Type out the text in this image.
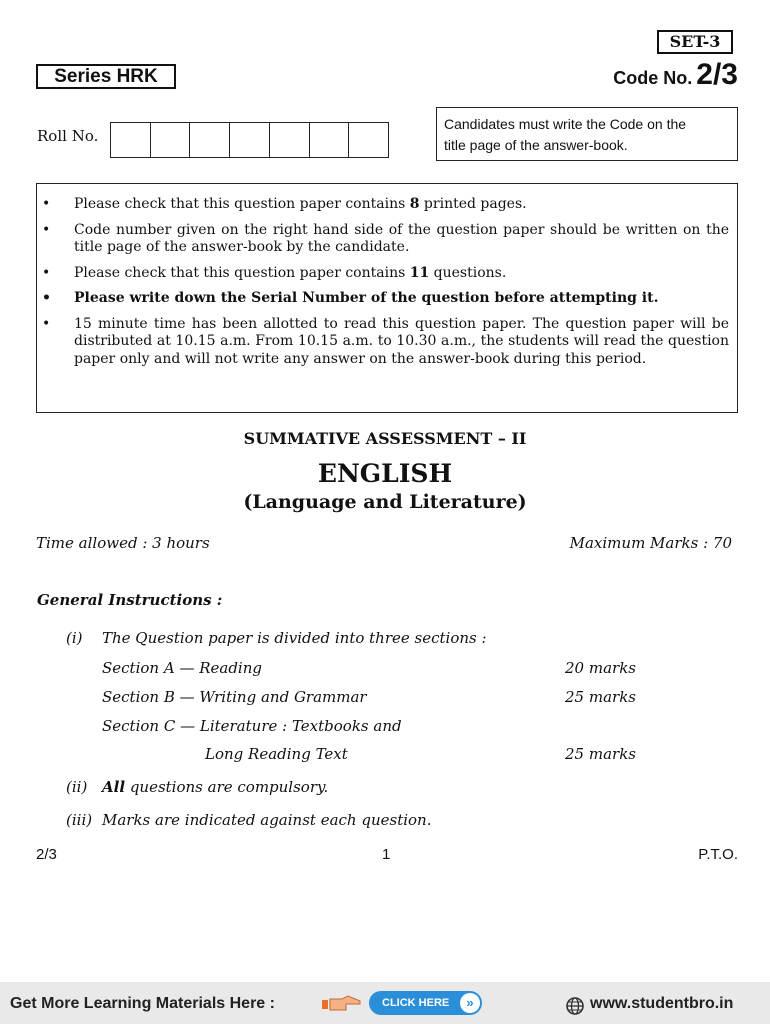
SET-3
Series HRK	Code No. 2/3
Roll No.
Candidates must write the Code on the
title page of the answer-book.
• Please check that this question paper contains 8 printed pages.
• Code number given on the right hand side of the question paper should be written on the title page of the answer-book by the candidate.
• Please check that this question paper contains 11 questions.
• Please write down the Serial Number of the question before attempting it.
• 15 minute time has been allotted to read this question paper. The question paper will be distributed at 10.15 a.m. From 10.15 a.m. to 10.30 a.m., the students will read the question paper only and will not write any answer on the answer-book during this period.
SUMMATIVE ASSESSMENT – II
ENGLISH
(Language and Literature)
Time allowed : 3 hours	Maximum Marks : 70
General Instructions :
(i) The Question paper is divided into three sections :
Section A — Reading	20 marks
Section B — Writing and Grammar	25 marks
Section C — Literature : Textbooks and
Long Reading Text	25 marks
(ii) All questions are compulsory.
(iii) Marks are indicated against each question.
2/3	1	P.T.O.
Get More Learning Materials Here :	CLICK HERE	»	www.studentbro.in
